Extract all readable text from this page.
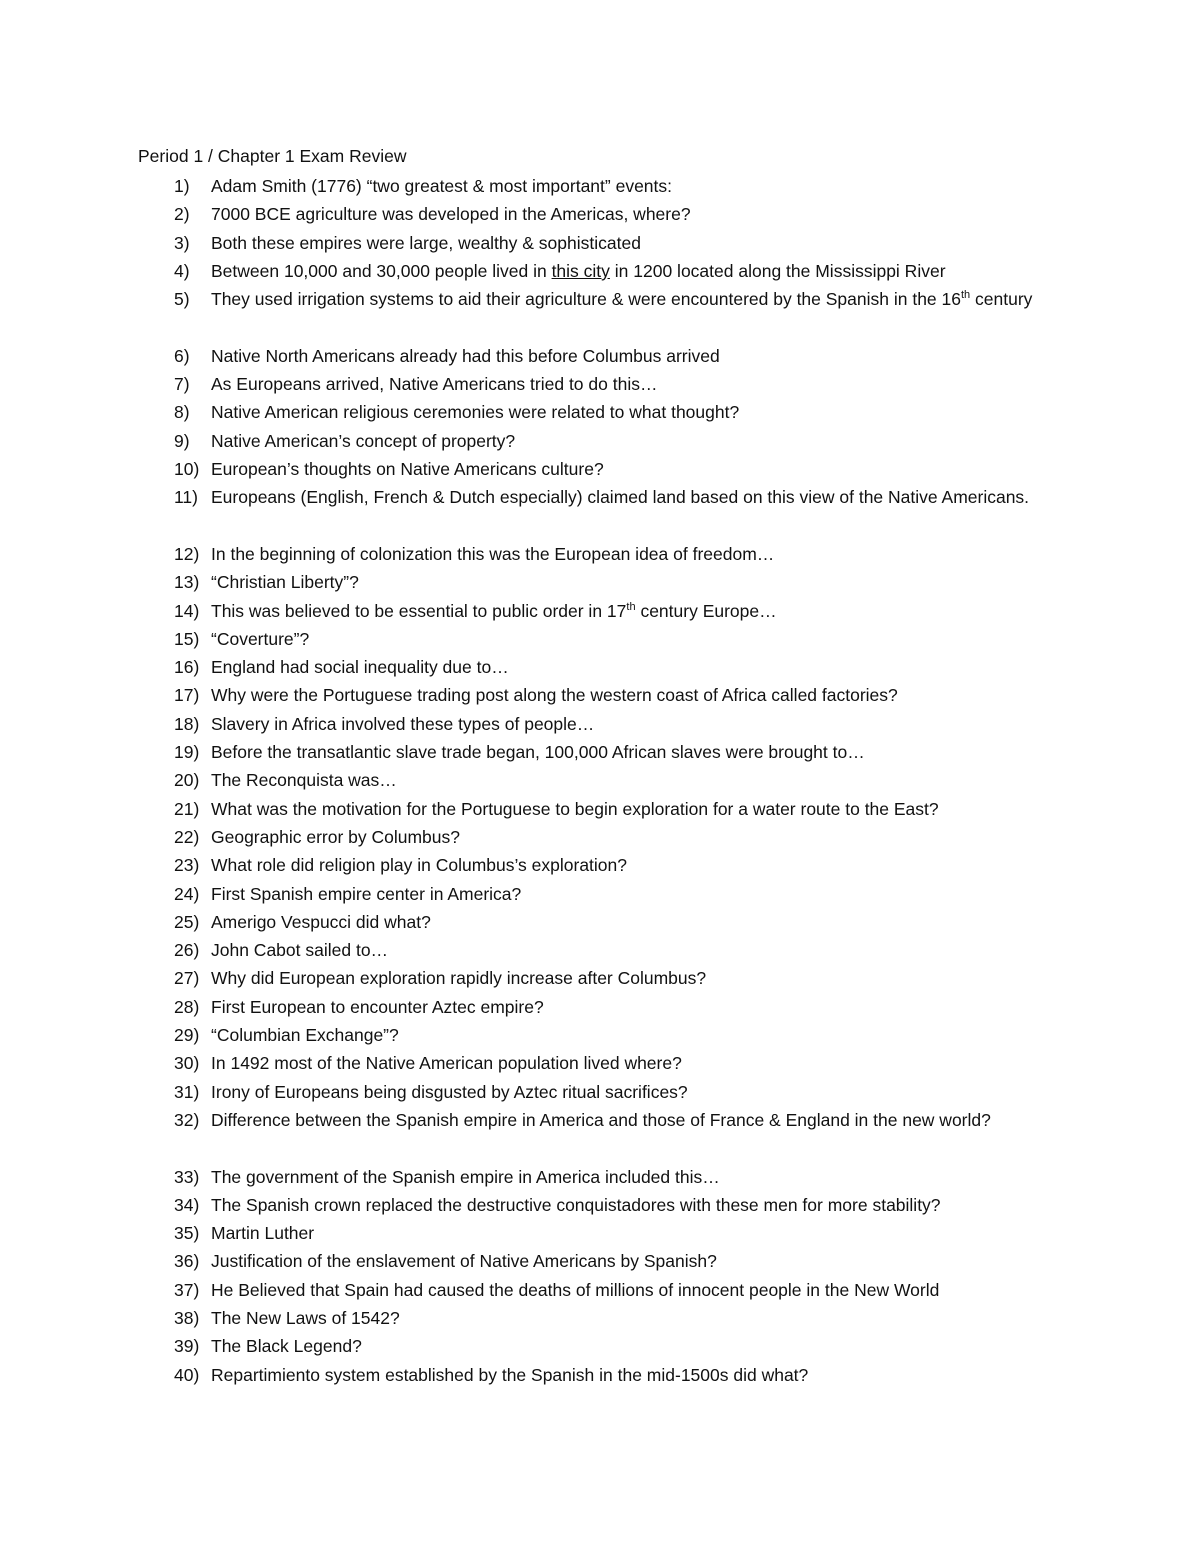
Period 1 / Chapter 1 Exam Review
1) Adam Smith (1776) “two greatest & most important” events:
2) 7000 BCE agriculture was developed in the Americas, where?
3) Both these empires were large, wealthy & sophisticated
4) Between 10,000 and 30,000 people lived in this city in 1200 located along the Mississippi River
5) They used irrigation systems to aid their agriculture & were encountered by the Spanish in the 16th century
6) Native North Americans already had this before Columbus arrived
7) As Europeans arrived, Native Americans tried to do this…
8) Native American religious ceremonies were related to what thought?
9) Native American’s concept of property?
10) European’s thoughts on Native Americans culture?
11) Europeans (English, French & Dutch especially) claimed land based on this view of the Native Americans.
12) In the beginning of colonization this was the European idea of freedom…
13) “Christian Liberty”?
14) This was believed to be essential to public order in 17th century Europe…
15) “Coverture”?
16) England had social inequality due to…
17) Why were the Portuguese trading post along the western coast of Africa called factories?
18) Slavery in Africa involved these types of people…
19) Before the transatlantic slave trade began, 100,000 African slaves were brought to…
20) The Reconquista was…
21) What was the motivation for the Portuguese to begin exploration for a water route to the East?
22) Geographic error by Columbus?
23) What role did religion play in Columbus’s exploration?
24) First Spanish empire center in America?
25) Amerigo Vespucci did what?
26) John Cabot sailed to…
27) Why did European exploration rapidly increase after Columbus?
28) First European to encounter Aztec empire?
29) “Columbian Exchange”?
30) In 1492 most of the Native American population lived where?
31) Irony of Europeans being disgusted by Aztec ritual sacrifices?
32) Difference between the Spanish empire in America and those of France & England in the new world?
33) The government of the Spanish empire in America included this…
34) The Spanish crown replaced the destructive conquistadores with these men for more stability?
35) Martin Luther
36) Justification of the enslavement of Native Americans by Spanish?
37) He Believed that Spain had caused the deaths of millions of innocent people in the New World
38) The New Laws of 1542?
39) The Black Legend?
40) Repartimiento system established by the Spanish in the mid-1500s did what?
